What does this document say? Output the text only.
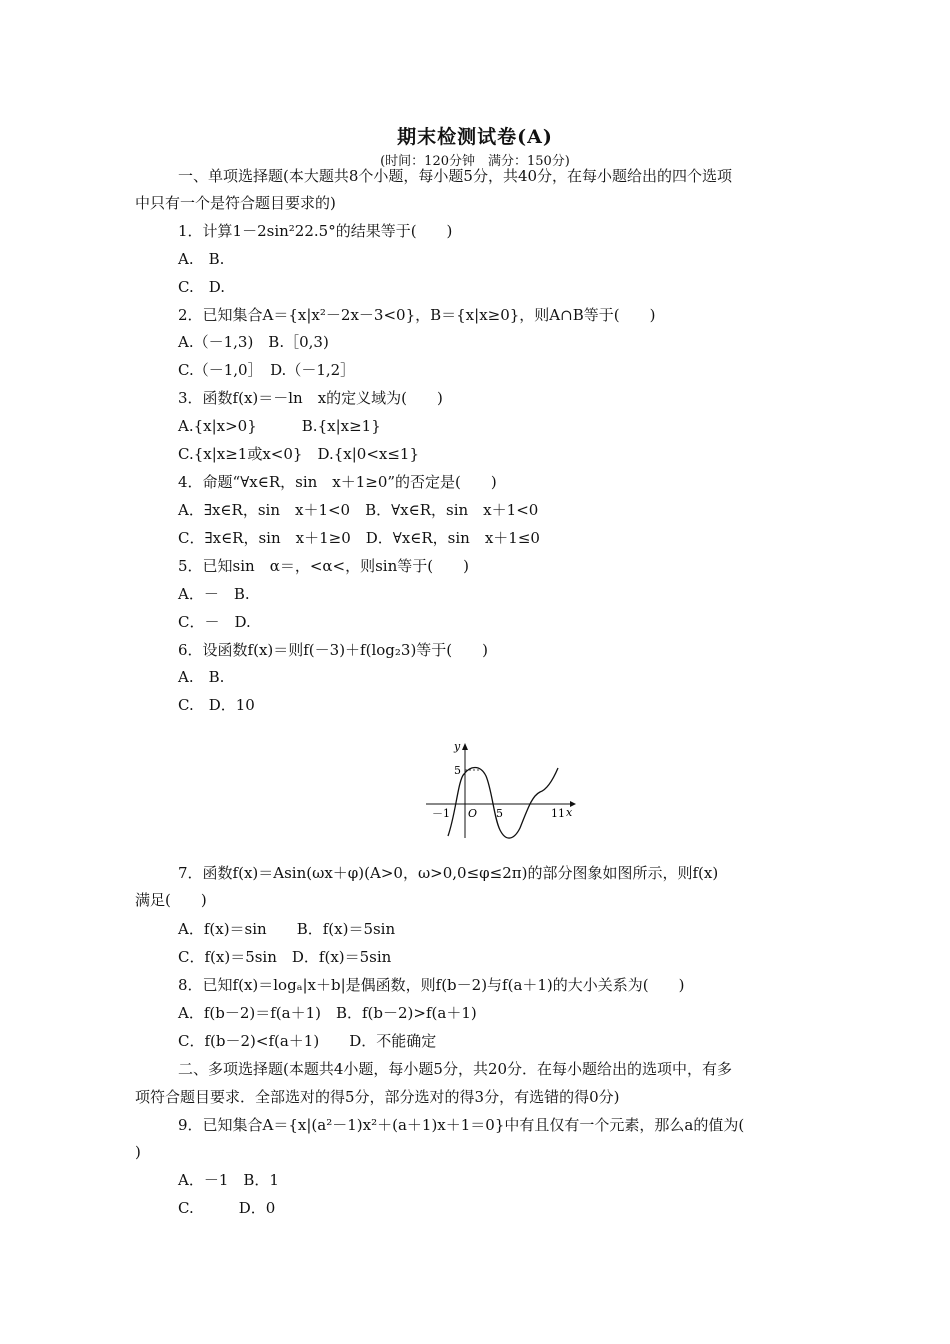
期末检测试卷(A)
(时间：120分钟　满分：150分)
一、单项选择题(本大题共8个小题，每小题5分，共40分，在每小题给出的四个选项
中只有一个是符合题目要求的)
1．计算1－2sin²22.5°的结果等于(　　)
A.　B.
C.　D.
2．已知集合A＝{x|x²－2x－3<0}，B＝{x|x≥0}，则A∩B等于(　　)
A.（－1,3)　B.［0,3)
C.（－1,0］　D.（－1,2］
3．函数f(x)＝－ln　x的定义域为(　　)
A.{x|x>0}　　　B.{x|x≥1}
C.{x|x≥1或x<0}　D.{x|0<x≤1}
4．命题“∀x∈R，sin　x＋1≥0”的否定是(　　)
A．∃x∈R，sin　x＋1<0　B．∀x∈R，sin　x＋1<0
C．∃x∈R，sin　x＋1≥0　D．∀x∈R，sin　x＋1≤0
5．已知sin　α＝，<α<，则sin等于(　　)
A．－　B.
C．－　D.
6．设函数f(x)＝则f(－3)＋f(log₂3)等于(　　)
A.　B.
C.　D．10
7．函数f(x)＝Asin(ωx＋φ)(A>0，ω>0,0≤φ≤2π)的部分图象如图所示，则f(x)
满足(　　)
A．f(x)＝sin　　B．f(x)＝5sin
C．f(x)＝5sin　D．f(x)＝5sin
8．已知f(x)＝logₐ|x＋b|是偶函数，则f(b－2)与f(a＋1)的大小关系为(　　)
A．f(b－2)＝f(a＋1)　B．f(b－2)>f(a＋1)
C．f(b－2)<f(a＋1)　　D．不能确定
二、多项选择题(本题共4小题，每小题5分，共20分．在每小题给出的选项中，有多
项符合题目要求．全部选对的得5分，部分选对的得3分，有选错的得0分)
9．已知集合A＝{x|(a²－1)x²＋(a＋1)x＋1＝0}中有且仅有一个元素，那么a的值为(
)
A．－1　B．1
C.　　　D．0
y
5
－1 O 5	11 x
